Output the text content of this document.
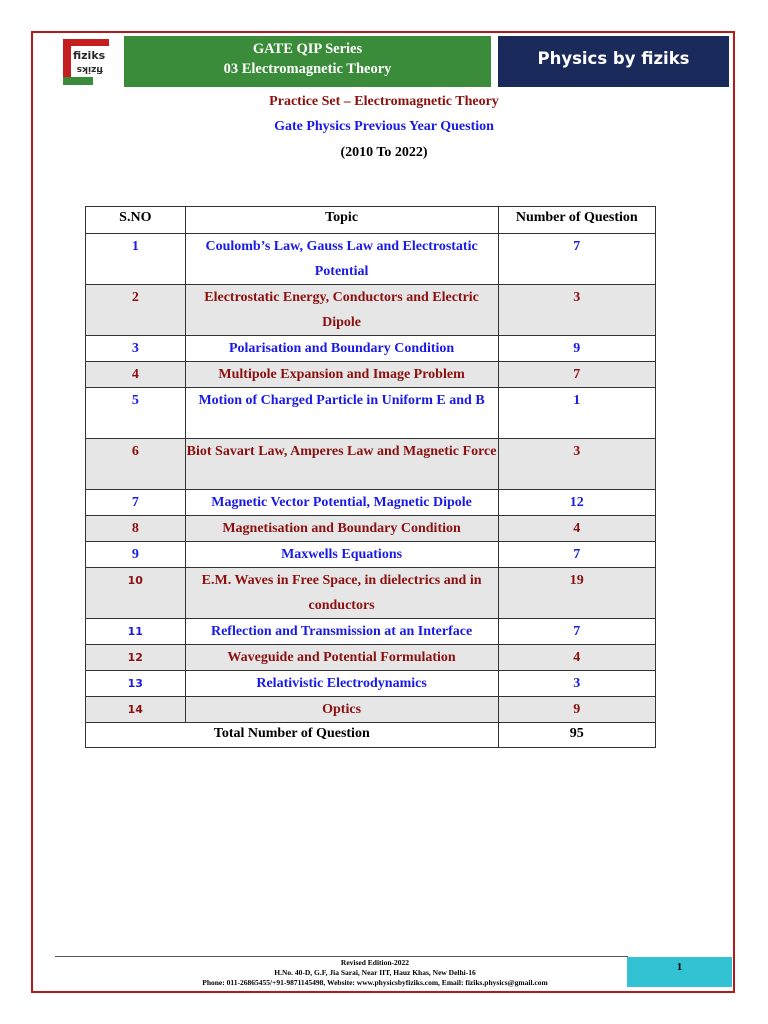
fiziks
fiziks
GATE QIP Series
03 Electromagnetic Theory
Physics by fiziks
Practice Set – Electromagnetic Theory
Gate Physics Previous Year Question
(2010 To 2022)
S.NO	Topic	Number of Question
1	Coulomb’s Law, Gauss Law and Electrostatic Potential	7
2	Electrostatic Energy, Conductors and Electric Dipole	3
3	Polarisation and Boundary Condition	9
4	Multipole Expansion and Image Problem	7
5	Motion of Charged Particle in Uniform E and B	1
6	Biot Savart Law, Amperes Law and Magnetic Force	3
7	Magnetic Vector Potential, Magnetic Dipole	12
8	Magnetisation and Boundary Condition	4
9	Maxwells Equations	7
10	E.M. Waves in Free Space, in dielectrics and in conductors	19
11	Reflection and Transmission at an Interface	7
12	Waveguide and Potential Formulation	4
13	Relativistic Electrodynamics	3
14	Optics	9
Total Number of Question		95
Revised Edition-2022
H.No. 40-D, G.F, Jia Sarai, Near IIT, Hauz Khas, New Delhi-16
Phone: 011-26865455/+91-9871145498, Website: www.physicsbyfiziks.com, Email: fiziks.physics@gmail.com
1
